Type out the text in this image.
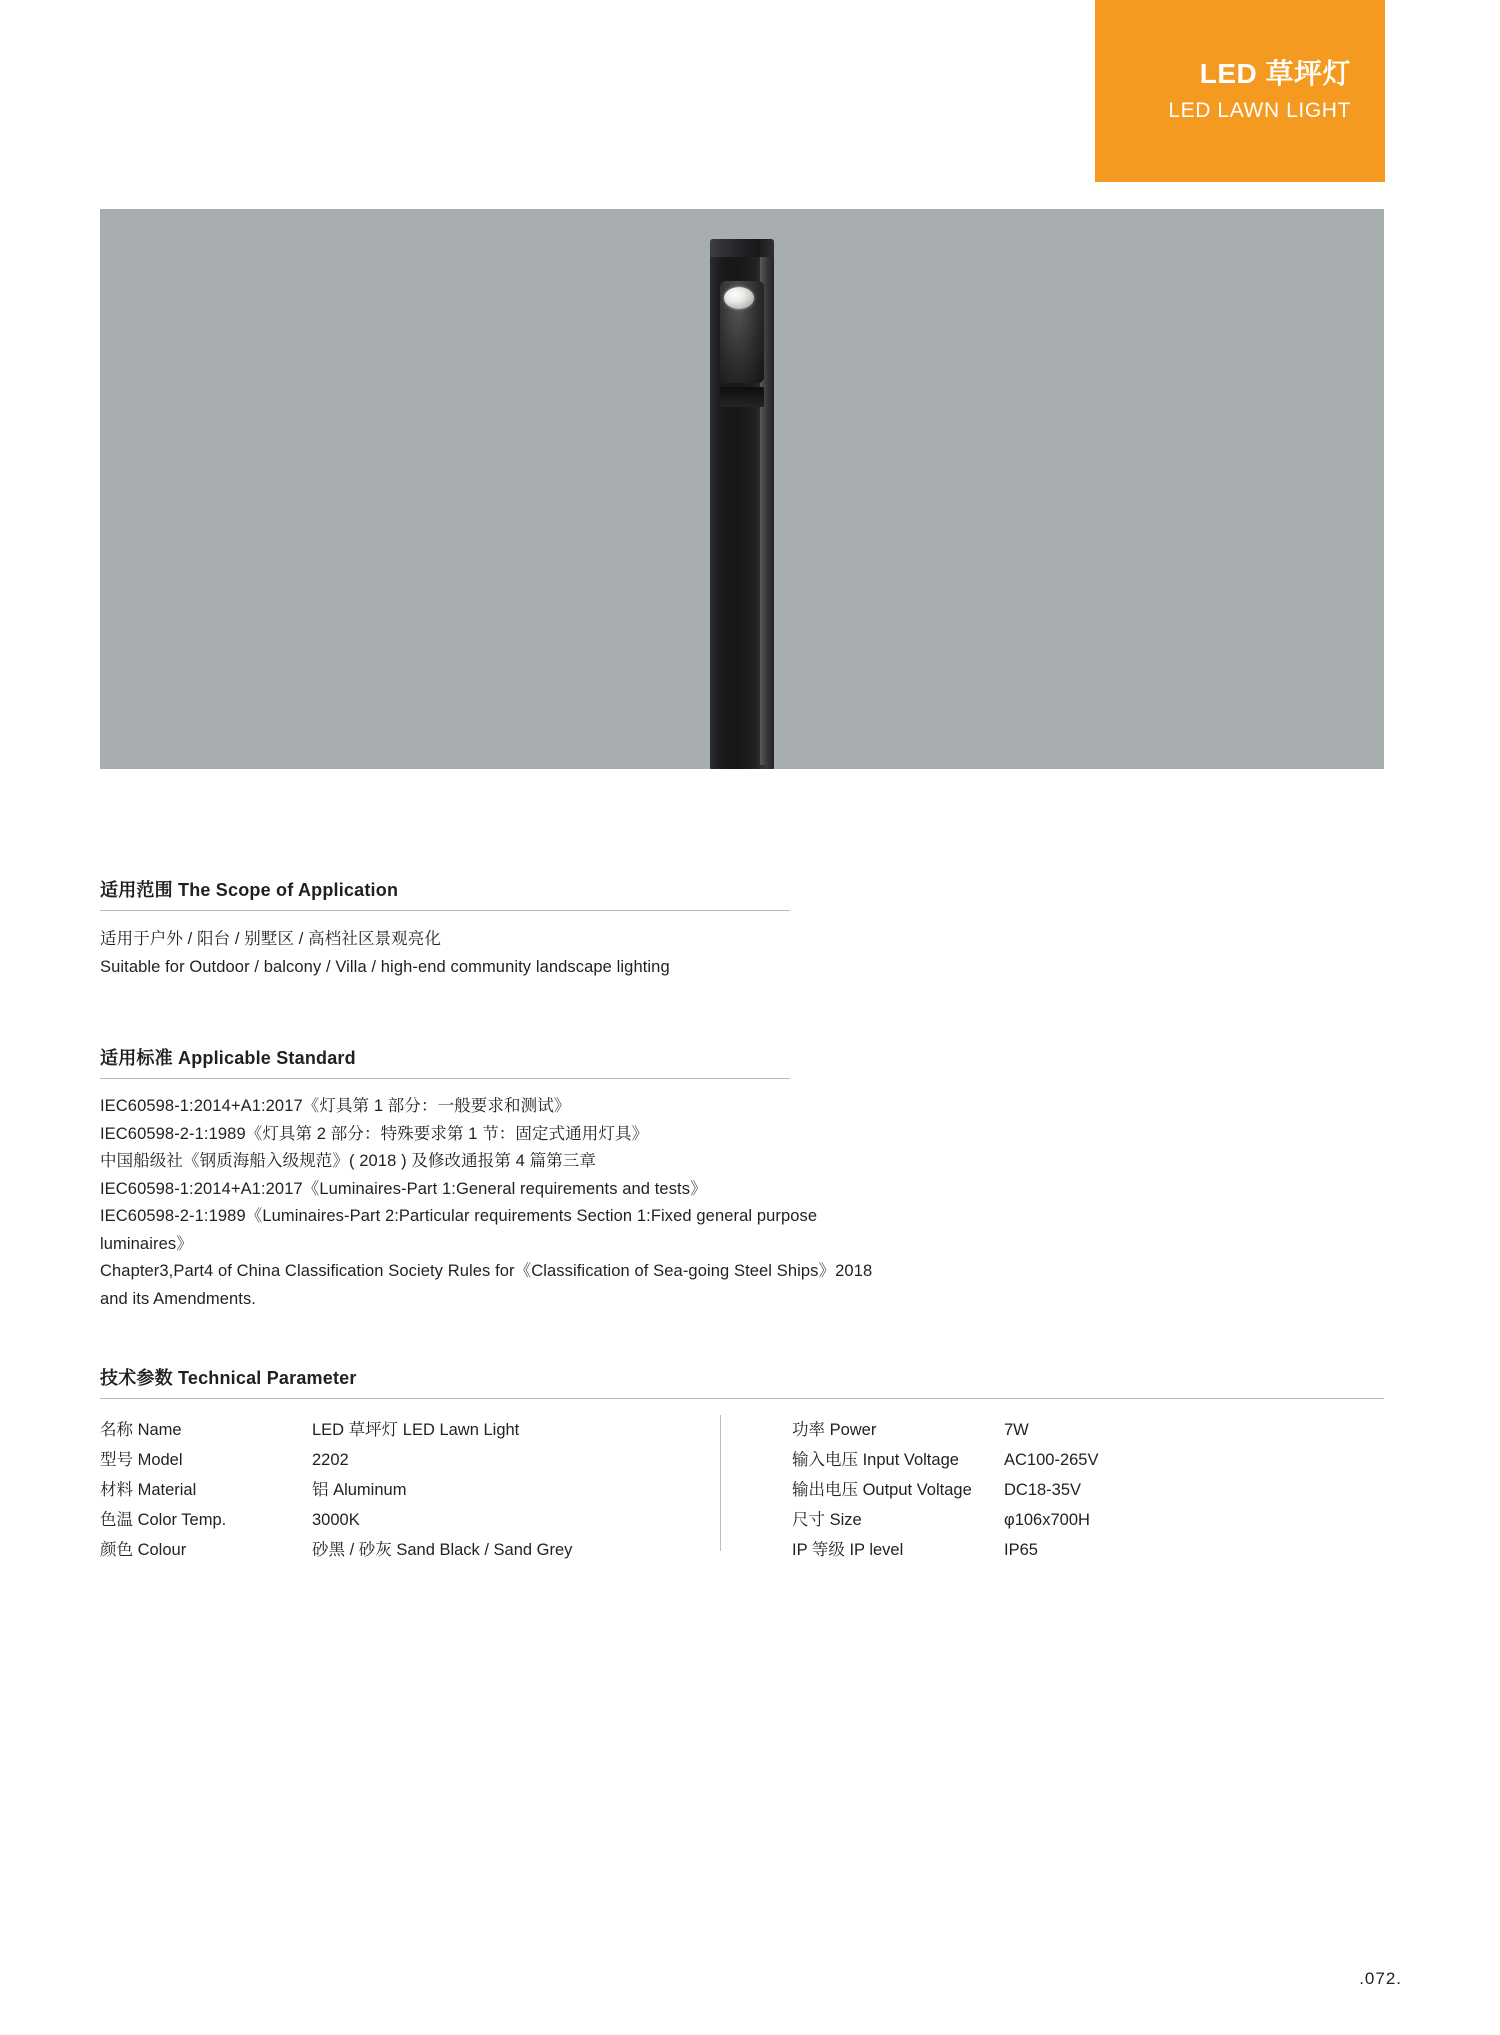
LED 草坪灯
LED LAWN LIGHT
适用范围 The Scope of Application
适用于户外 / 阳台 / 别墅区 / 高档社区景观亮化
Suitable for Outdoor / balcony / Villa / high-end community landscape lighting
适用标准 Applicable Standard
IEC60598-1:2014+A1:2017《灯具第 1 部分：一般要求和测试》
IEC60598-2-1:1989《灯具第 2 部分：特殊要求第 1 节：固定式通用灯具》
中国船级社《钢质海船入级规范》( 2018 ) 及修改通报第 4 篇第三章
IEC60598-1:2014+A1:2017《Luminaires-Part 1:General requirements and tests》
IEC60598-2-1:1989《Luminaires-Part 2:Particular requirements Section 1:Fixed general purpose luminaires》
Chapter3,Part4 of China Classification Society Rules for《Classification of Sea-going Steel Ships》2018 and its Amendments.
技术参数 Technical Parameter
名称 Name	LED 草坪灯 LED Lawn Light
型号 Model	2202
材料 Material	铝 Aluminum
色温 Color Temp.	3000K
颜色 Colour	砂黑 / 砂灰 Sand Black / Sand Grey
功率 Power	7W
输入电压 Input Voltage	AC100-265V
输出电压 Output Voltage	DC18-35V
尺寸 Size	φ106x700H
IP 等级 IP level	IP65
.072.
